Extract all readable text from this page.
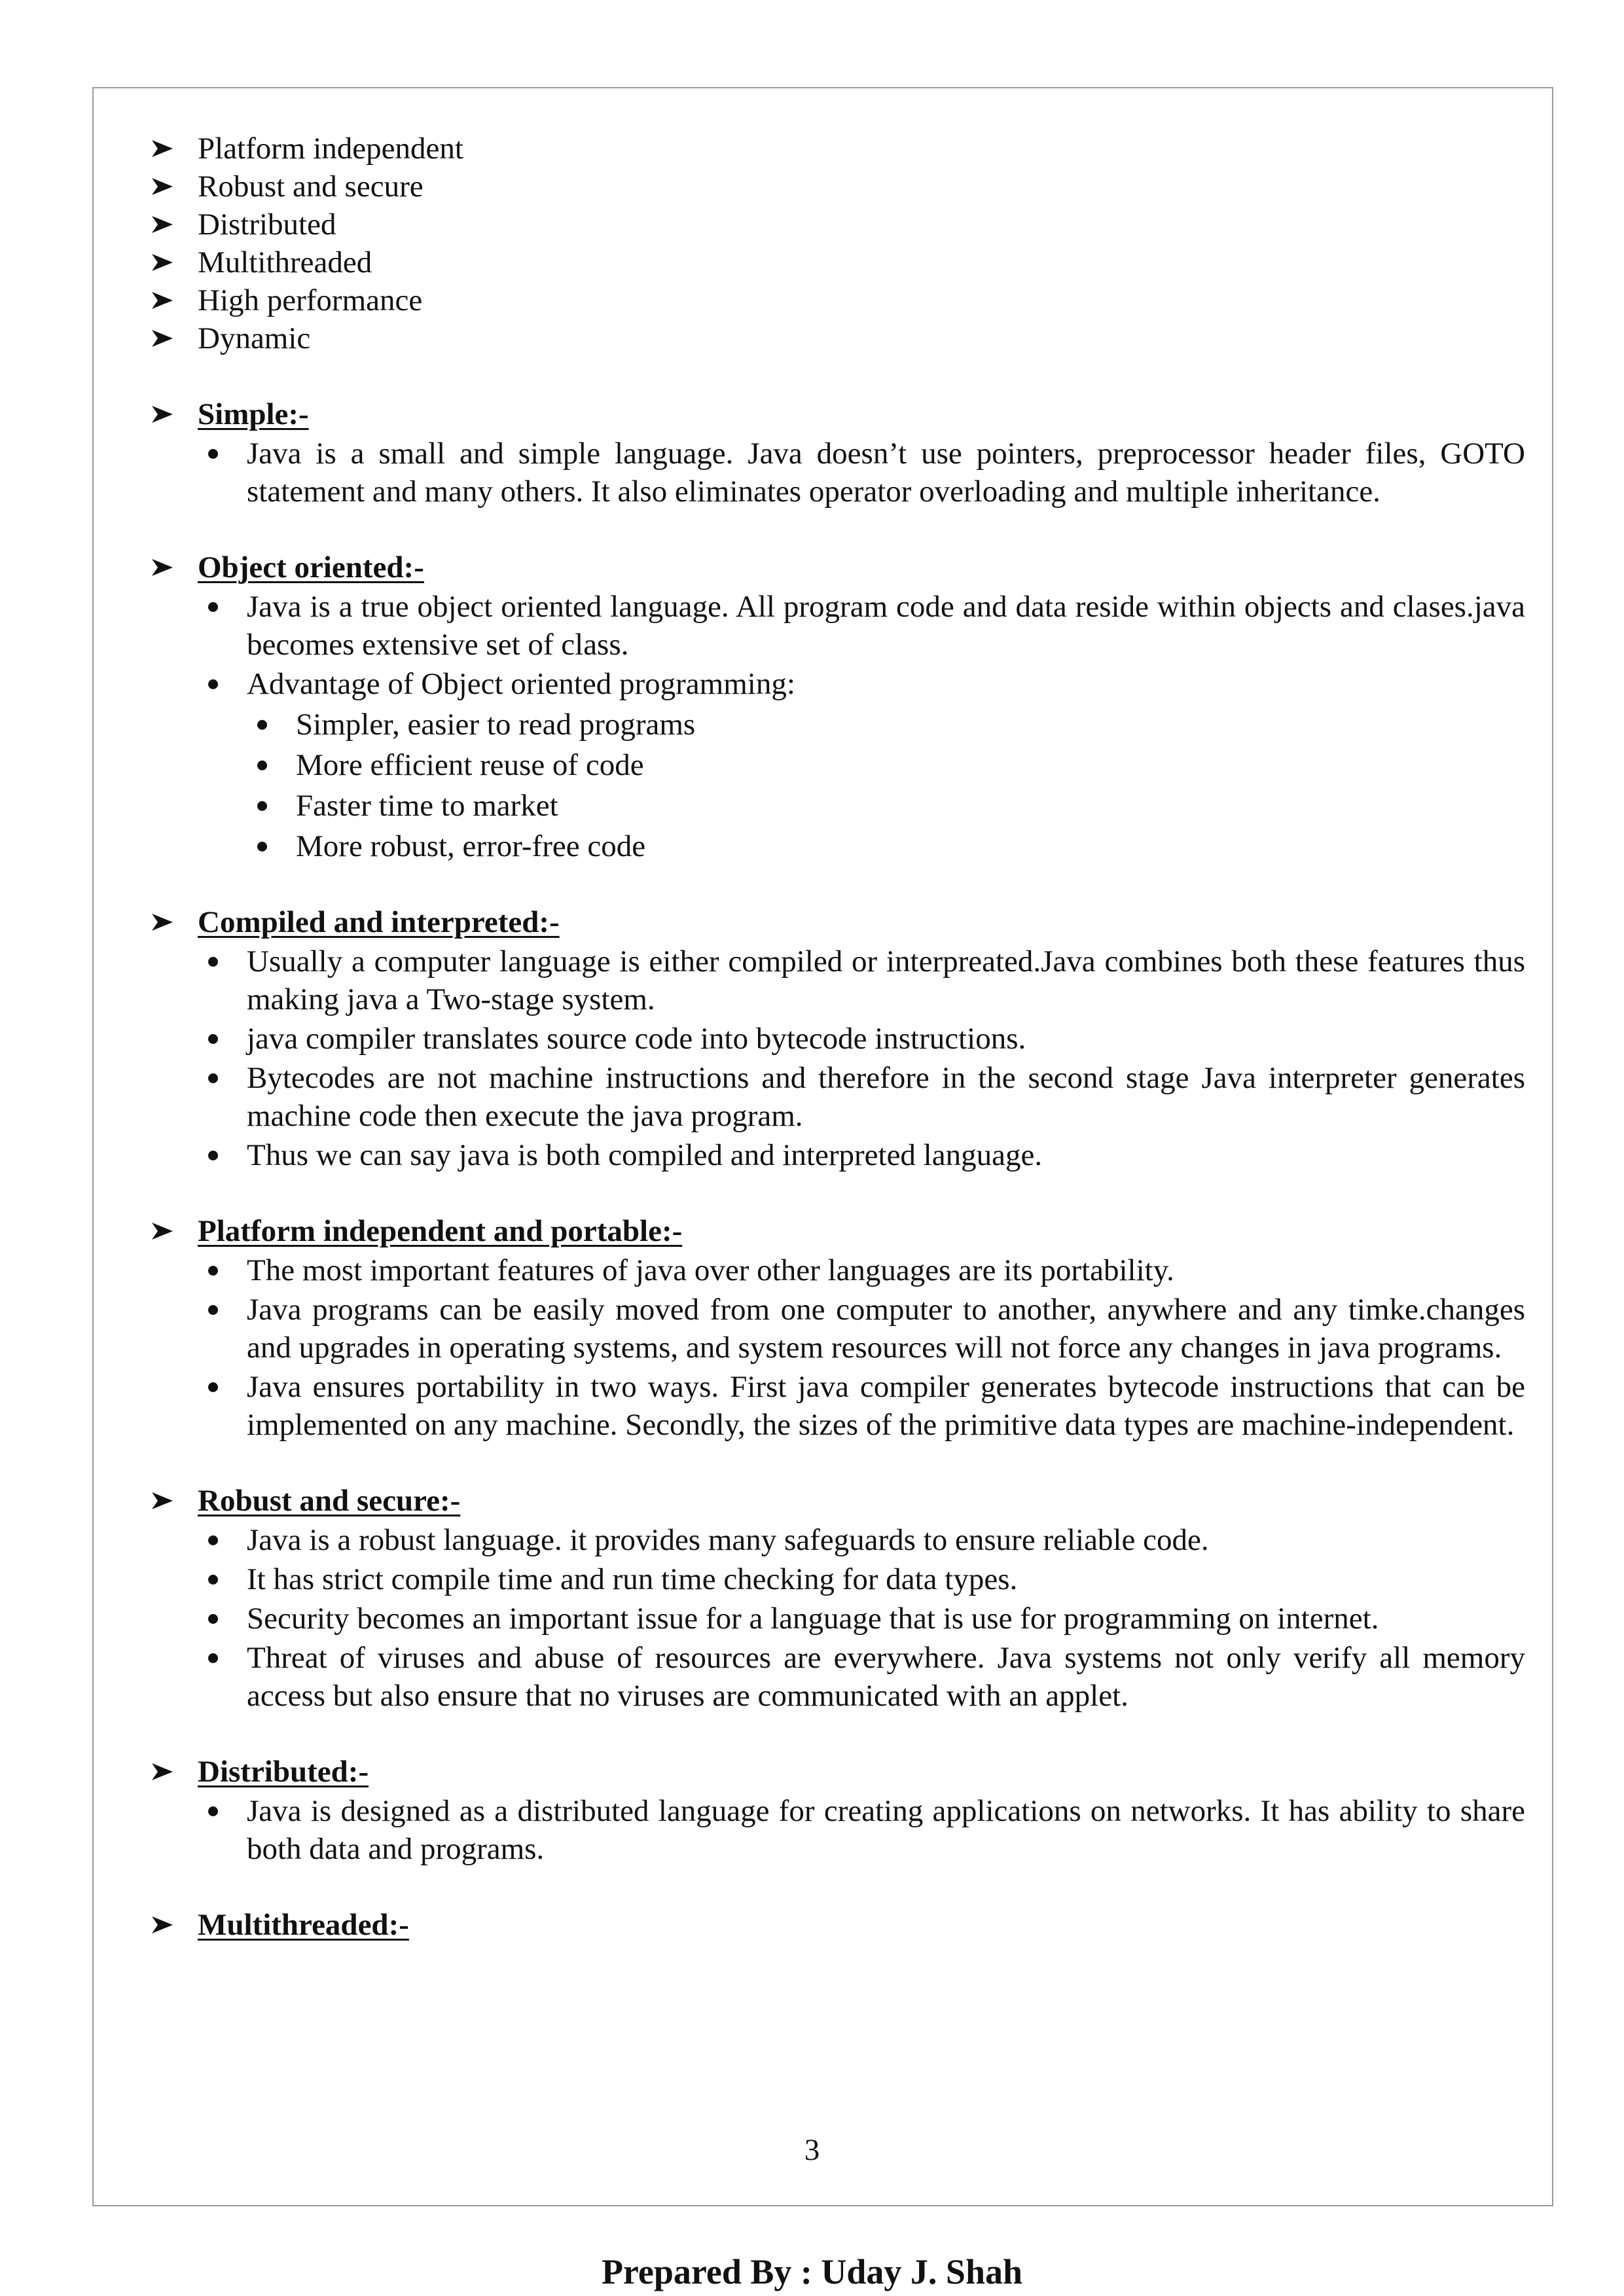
Platform independent
Robust and secure
Distributed
Multithreaded
High performance
Dynamic
Simple:-
Java is a small and simple language. Java doesn’t use pointers, preprocessor header files, GOTO statement and many others. It also eliminates operator overloading and multiple inheritance.
Object oriented:-
Java is a true object oriented language. All program code and data reside within objects and clases.java becomes extensive set of class.
Advantage of Object oriented programming:
Simpler, easier to read programs
More efficient reuse of code
Faster time to market
More robust, error-free code
Compiled and interpreted:-
Usually a computer language is either compiled or interpreated.Java combines both these features thus making java a Two-stage system.
java compiler translates source code into bytecode instructions.
Bytecodes are not machine instructions and therefore in the second stage Java interpreter generates machine code then execute the java program.
Thus we can say java is both compiled and interpreted language.
Platform independent and portable:-
The most important features of java over other languages are its portability.
Java programs can be easily moved from one computer to another, anywhere and any timke.changes and upgrades in operating systems, and system resources will not force any changes in java programs.
Java ensures portability in two ways. First java compiler generates bytecode instructions that can be implemented on any machine. Secondly, the sizes of the primitive data types are machine-independent.
Robust and secure:-
Java is a robust language. it provides many safeguards to ensure reliable code.
It has strict compile time and run time checking for data types.
Security becomes an important issue for a language that is use for programming on internet.
Threat of viruses and abuse of resources are everywhere. Java systems not only verify all memory access but also ensure that no viruses are communicated with an applet.
Distributed:-
Java is designed as a distributed language for creating applications on networks. It has ability to share both data and programs.
Multithreaded:-
3
Prepared By : Uday J. Shah
